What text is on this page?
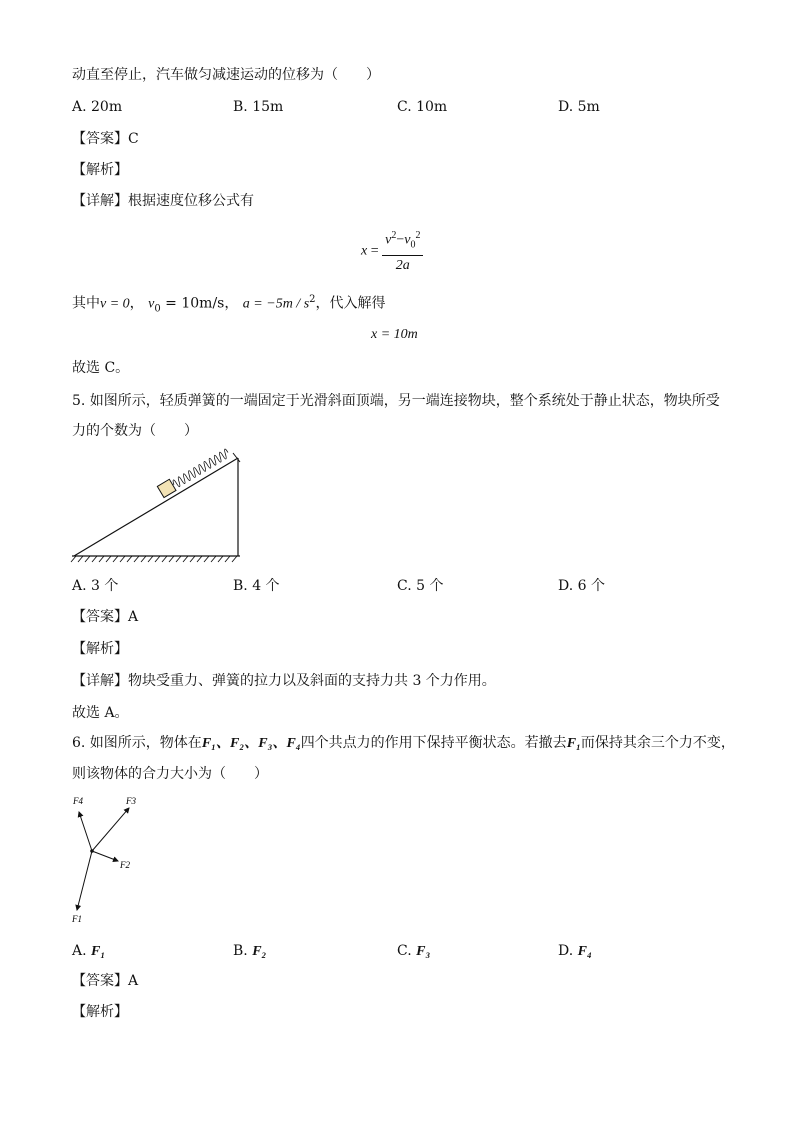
动直至停止，汽车做匀减速运动的位移为（　　）
A. 20m	B. 15m	C. 10m	D. 5m
【答案】C
【解析】
【详解】根据速度位移公式有
$x = \frac{v^2-v_0^2}{2a}$
其中v = 0， $v_0 = 10m/s$， $a = -5m / s^2$，代入解得
x = 10m
故选 C。
5. 如图所示，轻质弹簧的一端固定于光滑斜面顶端，另一端连接物块，整个系统处于静止状态，物块所受
力的个数为（　　）
A. 3 个	B. 4 个	C. 5 个	D. 6 个
【答案】A
【解析】
【详解】物块受重力、弹簧的拉力以及斜面的支持力共 3 个力作用。
故选 A。
6. 如图所示，物体在F₁、F₂、F₃、F₄四个共点力的作用下保持平衡状态。若撤去F₁而保持其余三个力不变，
则该物体的合力大小为（　　）
F4	F3
F2
F1
A. F₁	B. F₂	C. F₃	D. F₄
【答案】A
【解析】
